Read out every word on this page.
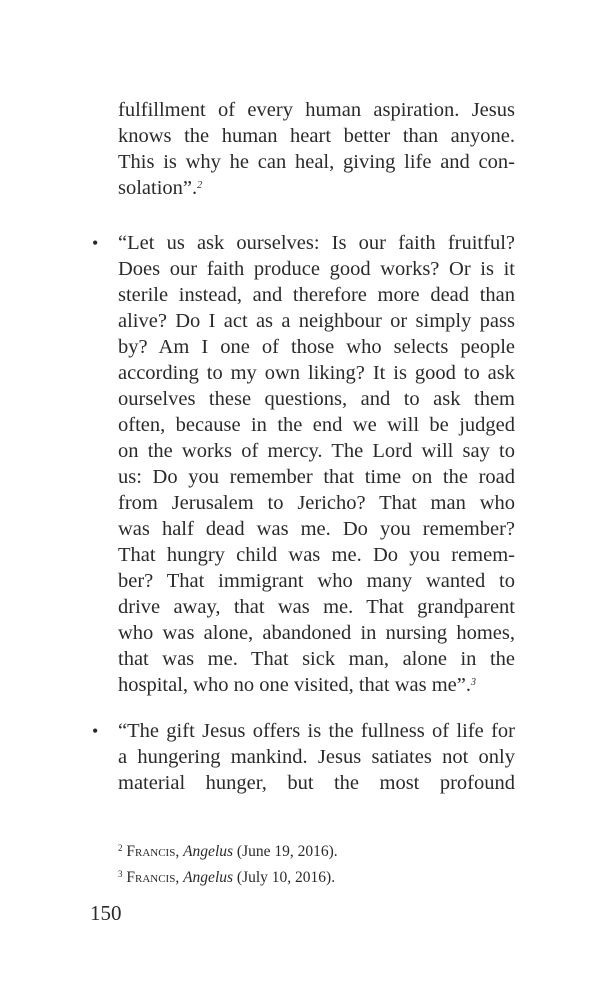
fulfillment of every human aspiration. Jesus
knows the human heart better than anyone.
This is why he can heal, giving life and con-
solation”.$^2$
• “Let us ask ourselves: Is our faith fruitful?
Does our faith produce good works? Or is it
sterile instead, and therefore more dead than
alive? Do I act as a neighbour or simply pass
by? Am I one of those who selects people
according to my own liking? It is good to ask
ourselves these questions, and to ask them
often, because in the end we will be judged
on the works of mercy. The Lord will say to
us: Do you remember that time on the road
from Jerusalem to Jericho? That man who
was half dead was me. Do you remember?
That hungry child was me. Do you remem-
ber? That immigrant who many wanted to
drive away, that was me. That grandparent
who was alone, abandoned in nursing homes,
that was me. That sick man, alone in the
hospital, who no one visited, that was me”.$^3$
• “The gift Jesus offers is the fullness of life for
a hungering mankind. Jesus satiates not only
material hunger, but the most profound
$^2$ Francis, Angelus (June 19, 2016).
$^3$ Francis, Angelus (July 10, 2016).
150
